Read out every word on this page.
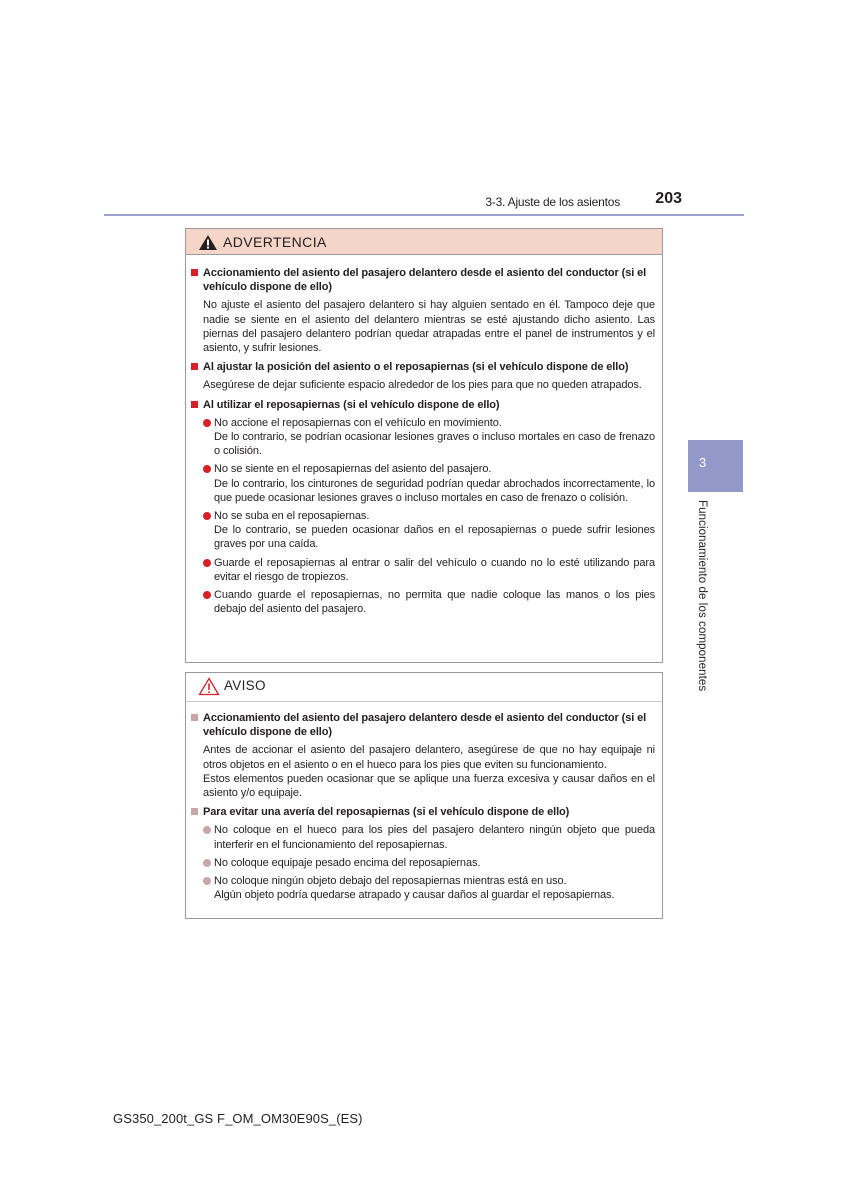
3-3. Ajuste de los asientos 203
3
Funcionamiento de los componentes
ADVERTENCIA
Accionamiento del asiento del pasajero delantero desde el asiento del conductor (si el vehículo dispone de ello)
No ajuste el asiento del pasajero delantero si hay alguien sentado en él. Tampoco deje que nadie se siente en el asiento del delantero mientras se esté ajustando dicho asiento. Las piernas del pasajero delantero podrían quedar atrapadas entre el panel de instrumentos y el asiento, y sufrir lesiones.
Al ajustar la posición del asiento o el reposapiernas (si el vehículo dispone de ello)
Asegúrese de dejar suficiente espacio alrededor de los pies para que no queden atrapados.
Al utilizar el reposapiernas (si el vehículo dispone de ello)
No accione el reposapiernas con el vehículo en movimiento.
De lo contrario, se podrían ocasionar lesiones graves o incluso mortales en caso de frenazo o colisión.
No se siente en el reposapiernas del asiento del pasajero.
De lo contrario, los cinturones de seguridad podrían quedar abrochados incorrectamente, lo que puede ocasionar lesiones graves o incluso mortales en caso de frenazo o colisión.
No se suba en el reposapiernas.
De lo contrario, se pueden ocasionar daños en el reposapiernas o puede sufrir lesiones graves por una caída.
Guarde el reposapiernas al entrar o salir del vehículo o cuando no lo esté utilizando para evitar el riesgo de tropiezos.
Cuando guarde el reposapiernas, no permita que nadie coloque las manos o los pies debajo del asiento del pasajero.
AVISO
Accionamiento del asiento del pasajero delantero desde el asiento del conductor (si el vehículo dispone de ello)
Antes de accionar el asiento del pasajero delantero, asegúrese de que no hay equipaje ni otros objetos en el asiento o en el hueco para los pies que eviten su funcionamiento.
Estos elementos pueden ocasionar que se aplique una fuerza excesiva y causar daños en el asiento y/o equipaje.
Para evitar una avería del reposapiernas (si el vehículo dispone de ello)
No coloque en el hueco para los pies del pasajero delantero ningún objeto que pueda interferir en el funcionamiento del reposapiernas.
No coloque equipaje pesado encima del reposapiernas.
No coloque ningún objeto debajo del reposapiernas mientras está en uso.
Algún objeto podría quedarse atrapado y causar daños al guardar el reposapiernas.
GS350_200t_GS F_OM_OM30E90S_(ES)
